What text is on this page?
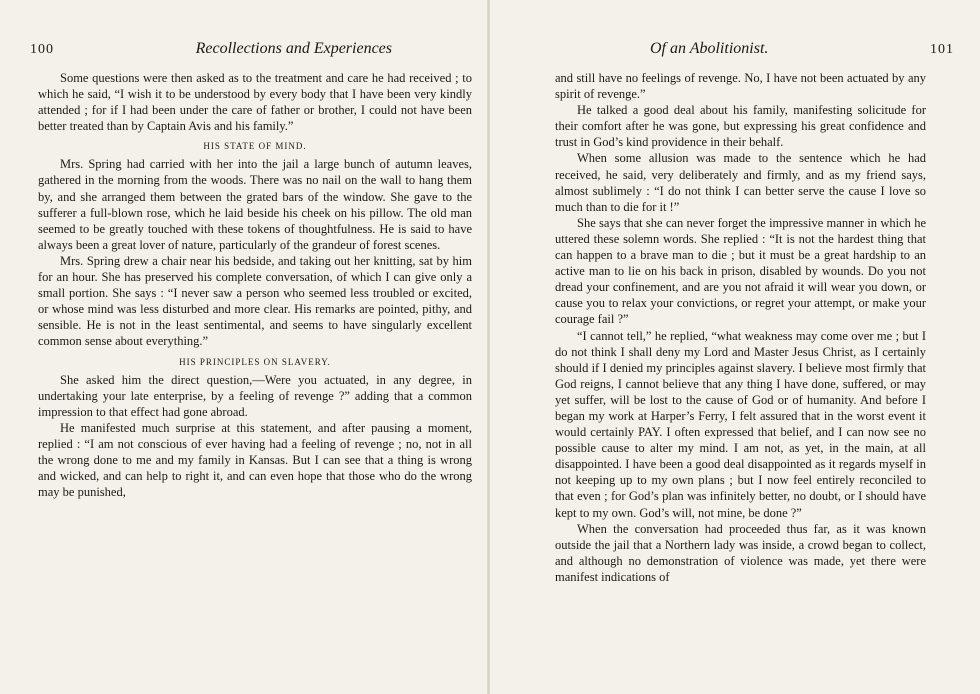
100	Recollections and Experiences

Some questions were then asked as to the treatment and care he had received ; to which he said, “I wish it to be understood by every body that I have been very kindly attended ; for if I had been under the care of father or brother, I could not have been better treated than by Captain Avis and his family.”

HIS STATE OF MIND.

Mrs. Spring had carried with her into the jail a large bunch of autumn leaves, gathered in the morning from the woods. There was no nail on the wall to hang them by, and she arranged them between the grated bars of the window. She gave to the sufferer a full-blown rose, which he laid beside his cheek on his pillow. The old man seemed to be greatly touched with these tokens of thoughtfulness. He is said to have always been a great lover of nature, particularly of the grandeur of forest scenes.

Mrs. Spring drew a chair near his bedside, and taking out her knitting, sat by him for an hour. She has preserved his complete conversation, of which I can give only a small portion. She says : “I never saw a person who seemed less troubled or excited, or whose mind was less disturbed and more clear. His remarks are pointed, pithy, and sensible. He is not in the least sentimental, and seems to have singularly excellent common sense about everything.”

HIS PRINCIPLES ON SLAVERY.

She asked him the direct question,—Were you actuated, in any degree, in undertaking your late enterprise, by a feeling of revenge ?” adding that a common impression to that effect had gone abroad.

He manifested much surprise at this statement, and after pausing a moment, replied : “I am not conscious of ever having had a feeling of revenge ; no, not in all the wrong done to me and my family in Kansas. But I can see that a thing is wrong and wicked, and can help to right it, and can even hope that those who do the wrong may be punished,

Of an Abolitionist.	101

and still have no feelings of revenge. No, I have not been actuated by any spirit of revenge.”

He talked a good deal about his family, manifesting solicitude for their comfort after he was gone, but expressing his great confidence and trust in God’s kind providence in their behalf.

When some allusion was made to the sentence which he had received, he said, very deliberately and firmly, and as my friend says, almost sublimely : “I do not think I can better serve the cause I love so much than to die for it !”

She says that she can never forget the impressive manner in which he uttered these solemn words. She replied : “It is not the hardest thing that can happen to a brave man to die ; but it must be a great hardship to an active man to lie on his back in prison, disabled by wounds. Do you not dread your confinement, and are you not afraid it will wear you down, or cause you to relax your convictions, or regret your attempt, or make your courage fail ?”

“I cannot tell,” he replied, “what weakness may come over me ; but I do not think I shall deny my Lord and Master Jesus Christ, as I certainly should if I denied my principles against slavery. I believe most firmly that God reigns, I cannot believe that any thing I have done, suffered, or may yet suffer, will be lost to the cause of God or of humanity. And before I began my work at Harper’s Ferry, I felt assured that in the worst event it would certainly PAY. I often expressed that belief, and I can now see no possible cause to alter my mind. I am not, as yet, in the main, at all disappointed. I have been a good deal disappointed as it regards myself in not keeping up to my own plans ; but I now feel entirely reconciled to that even ; for God’s plan was infinitely better, no doubt, or I should have kept to my own. God’s will, not mine, be done ?”

When the conversation had proceeded thus far, as it was known outside the jail that a Northern lady was inside, a crowd began to collect, and although no demonstration of violence was made, yet there were manifest indications of
